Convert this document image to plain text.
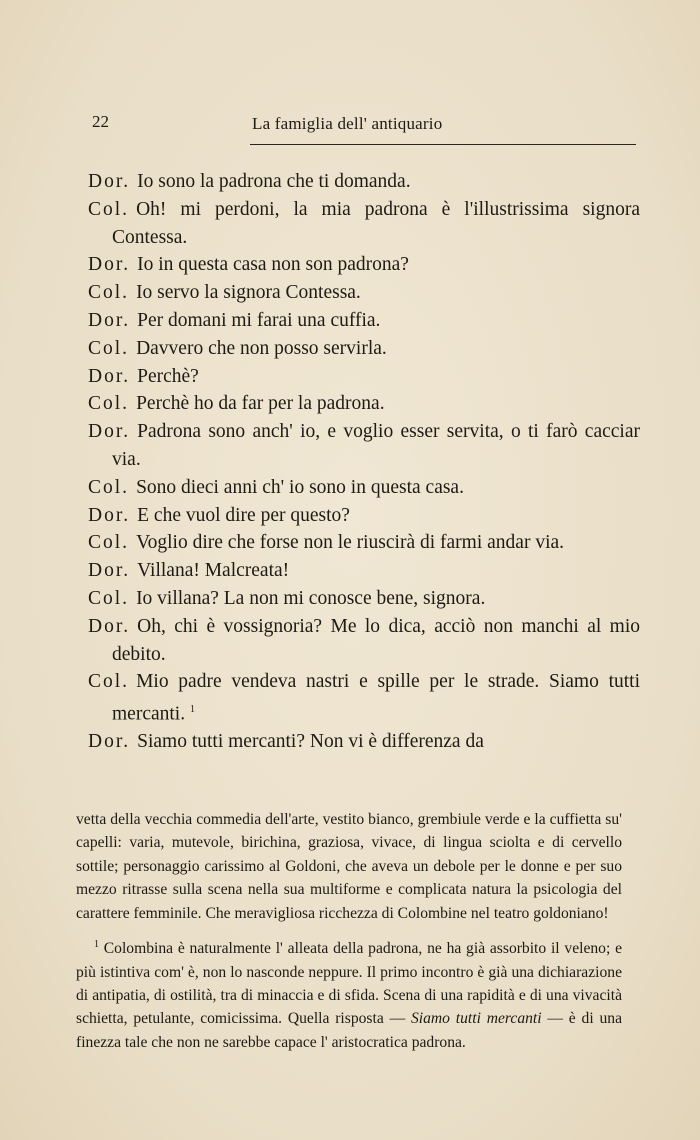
22	La famiglia dell' antiquario
Dor. Io sono la padrona che ti domanda.
Col. Oh! mi perdoni, la mia padrona è l'illustrissima signora Contessa.
Dor. Io in questa casa non son padrona?
Col. Io servo la signora Contessa.
Dor. Per domani mi farai una cuffia.
Col. Davvero che non posso servirla.
Dor. Perchè?
Col. Perchè ho da far per la padrona.
Dor. Padrona sono anch' io, e voglio esser servita, o ti farò cacciar via.
Col. Sono dieci anni ch' io sono in questa casa.
Dor. E che vuol dire per questo?
Col. Voglio dire che forse non le riuscirà di farmi andar via.
Dor. Villana! Malcreata!
Col. Io villana? La non mi conosce bene, signora.
Dor. Oh, chi è vossignoria? Me lo dica, acciò non manchi al mio debito.
Col. Mio padre vendeva nastri e spille per le strade. Siamo tutti mercanti. $^1$
Dor. Siamo tutti mercanti? Non vi è differenza da

vetta della vecchia commedia dell'arte, vestito bianco, grembiule verde e la cuffietta su' capelli: varia, mutevole, birichina, graziosa, vivace, di lingua sciolta e di cervello sottile; personaggio carissimo al Goldoni, che aveva un debole per le donne e per suo mezzo ritrasse sulla scena nella sua multiforme e complicata natura la psicologia del carattere femminile. Che meravigliosa ricchezza di Colombine nel teatro goldoniano!

$^1$ Colombina è naturalmente l' alleata della padrona, ne ha già assorbito il veleno; e più istintiva com' è, non lo nasconde neppure. Il primo incontro è già una dichiarazione di antipatia, di ostilità, tra di minaccia e di sfida. Scena di una rapidità e di una vivacità schietta, petulante, comicissima. Quella risposta — Siamo tutti mercanti — è di una finezza tale che non ne sarebbe capace l' aristocratica padrona.
